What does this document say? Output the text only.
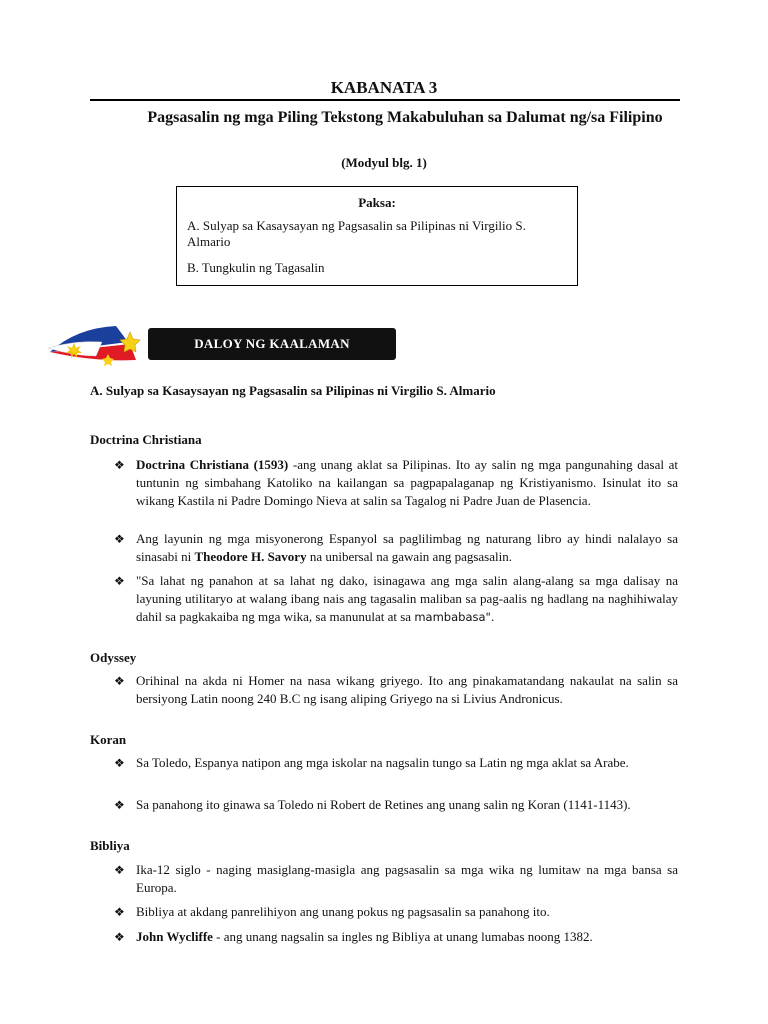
KABANATA 3
Pagsasalin ng mga Piling Tekstong Makabuluhan sa Dalumat ng/sa Filipino
(Modyul blg. 1)
Paksa:
A. Sulyap sa Kasaysayan ng Pagsasalin sa Pilipinas ni Virgilio S. Almario
B. Tungkulin ng Tagasalin
DALOY NG KAALAMAN
A. Sulyap sa Kasaysayan ng Pagsasalin sa Pilipinas ni Virgilio S. Almario
Doctrina Christiana
❖ Doctrina Christiana (1593) -ang unang aklat sa Pilipinas. Ito ay salin ng mga pangunahing dasal at tuntunin ng simbahang Katoliko na kailangan sa pagpapalaganap ng Kristiyanismo. Isinulat ito sa wikang Kastila ni Padre Domingo Nieva at salin sa Tagalog ni Padre Juan de Plasencia.
❖ Ang layunin ng mga misyonerong Espanyol sa paglilimbag ng naturang libro ay hindi nalalayo sa sinasabi ni Theodore H. Savory na unibersal na gawain ang pagsasalin.
❖ "Sa lahat ng panahon at sa lahat ng dako, isinagawa ang mga salin alang-alang sa mga dalisay na layuning utilitaryo at walang ibang nais ang tagasalin maliban sa pag-aalis ng hadlang na naghihiwalay dahil sa pagkakaiba ng mga wika, sa manunulat at sa mambabasa".
Odyssey
❖ Orihinal na akda ni Homer na nasa wikang griyego. Ito ang pinakamatandang nakaulat na salin sa bersiyong Latin noong 240 B.C ng isang aliping Griyego na si Livius Andronicus.
Koran
❖ Sa Toledo, Espanya natipon ang mga iskolar na nagsalin tungo sa Latin ng mga aklat sa Arabe.
❖ Sa panahong ito ginawa sa Toledo ni Robert de Retines ang unang salin ng Koran (1141-1143).
Bibliya
❖ Ika-12 siglo - naging masiglang-masigla ang pagsasalin sa mga wika ng lumitaw na mga bansa sa Europa.
❖ Bibliya at akdang panrelihiyon ang unang pokus ng pagsasalin sa panahong ito.
❖ John Wycliffe - ang unang nagsalin sa ingles ng Bibliya at unang lumabas noong 1382.
